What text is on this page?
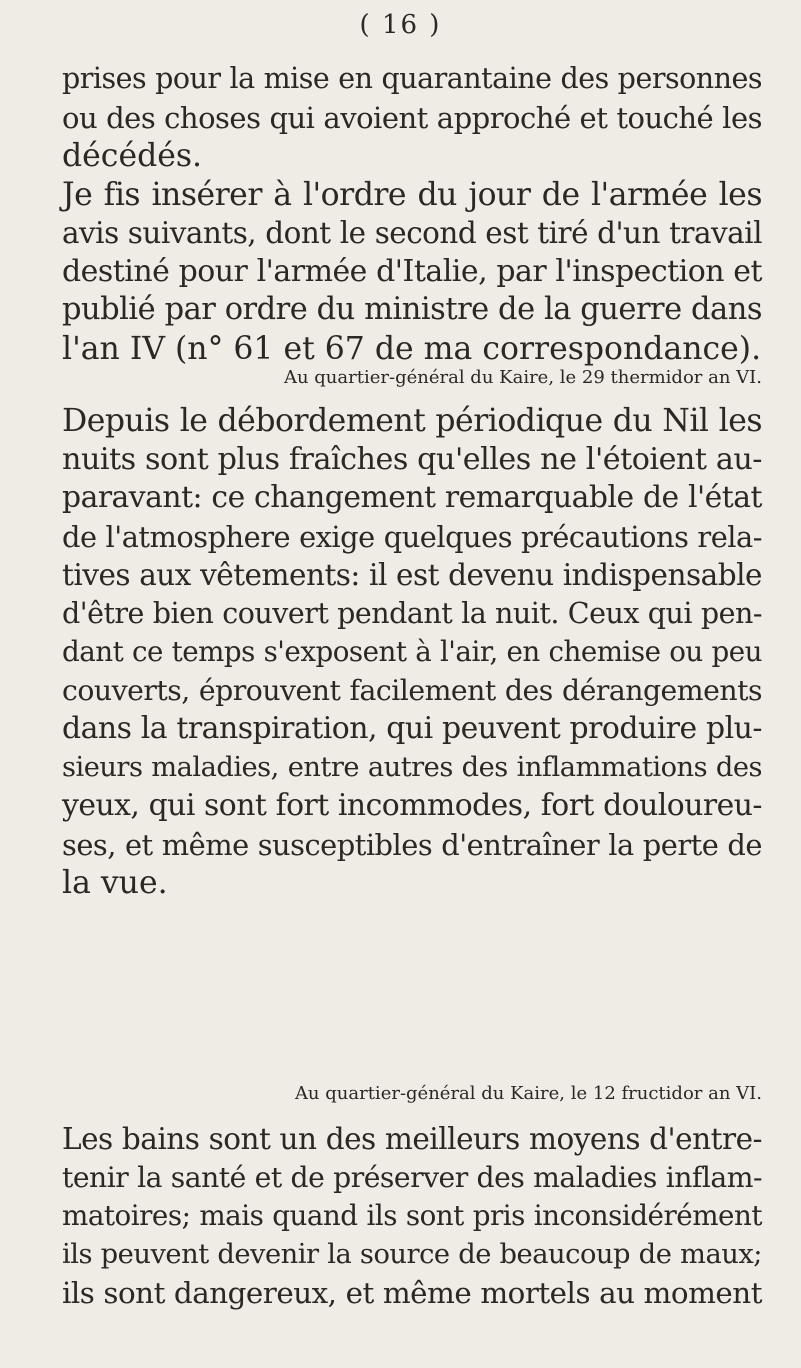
( 16 )
prises pour la mise en quarantaine des personnes
ou des choses qui avoient approché et touché les
décédés.
Je fis insérer à l'ordre du jour de l'armée les
avis suivants, dont le second est tiré d'un travail
destiné pour l'armée d'Italie, par l'inspection et
publié par ordre du ministre de la guerre dans
l'an IV (n° 61 et 67 de ma correspondance).
Au quartier-général du Kaire, le 29 thermidor an VI.
Depuis le débordement périodique du Nil les
nuits sont plus fraîches qu'elles ne l'étoient au-
paravant: ce changement remarquable de l'état
de l'atmosphere exige quelques précautions rela-
tives aux vêtements: il est devenu indispensable
d'être bien couvert pendant la nuit. Ceux qui pen-
dant ce temps s'exposent à l'air, en chemise ou peu
couverts, éprouvent facilement des dérangements
dans la transpiration, qui peuvent produire plu-
sieurs maladies, entre autres des inflammations des
yeux, qui sont fort incommodes, fort douloureu-
ses, et même susceptibles d'entraîner la perte de
la vue.
Au quartier-général du Kaire, le 12 fructidor an VI.
Les bains sont un des meilleurs moyens d'entre-
tenir la santé et de préserver des maladies inflam-
matoires; mais quand ils sont pris inconsidérément
ils peuvent devenir la source de beaucoup de maux;
ils sont dangereux, et même mortels au moment
